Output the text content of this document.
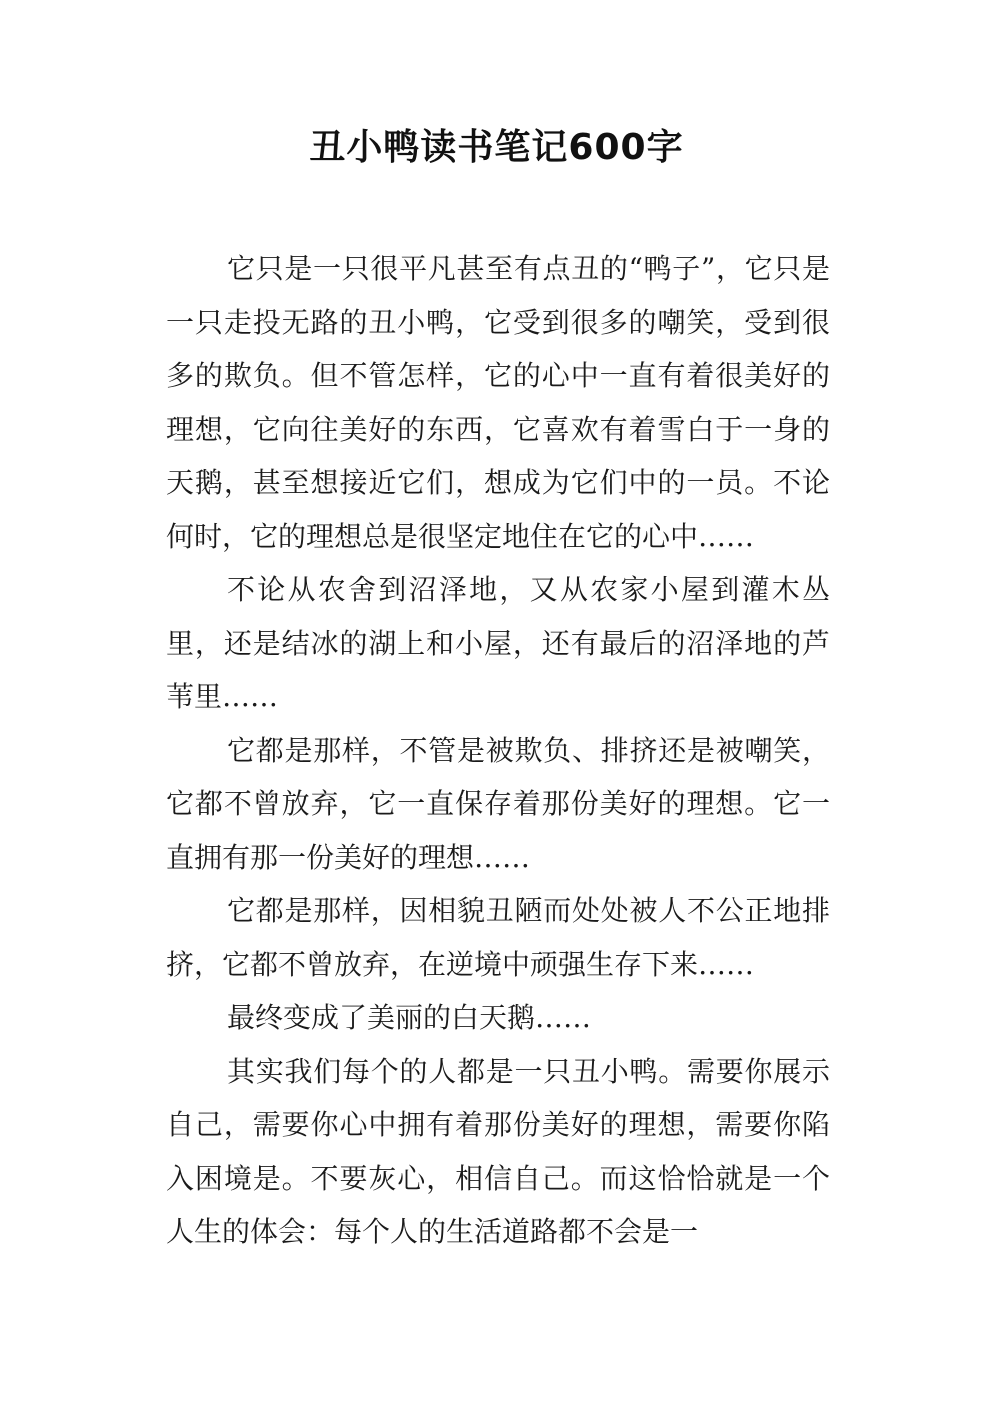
丑小鸭读书笔记600字

它只是一只很平凡甚至有点丑的“鸭子”，它只是一只走投无路的丑小鸭，它受到很多的嘲笑，受到很多的欺负。但不管怎样，它的心中一直有着很美好的理想，它向往美好的东西，它喜欢有着雪白于一身的天鹅，甚至想接近它们，想成为它们中的一员。不论何时，它的理想总是很坚定地住在它的心中……

不论从农舍到沼泽地，又从农家小屋到灌木丛里，还是结冰的湖上和小屋，还有最后的沼泽地的芦苇里……

它都是那样，不管是被欺负、排挤还是被嘲笑，它都不曾放弃，它一直保存着那份美好的理想。它一直拥有那一份美好的理想……

它都是那样，因相貌丑陋而处处被人不公正地排挤，它都不曾放弃，在逆境中顽强生存下来……

最终变成了美丽的白天鹅……

其实我们每个的人都是一只丑小鸭。需要你展示自己，需要你心中拥有着那份美好的理想，需要你陷入困境是。不要灰心，相信自己。而这恰恰就是一个人生的体会：每个人的生活道路都不会是一
